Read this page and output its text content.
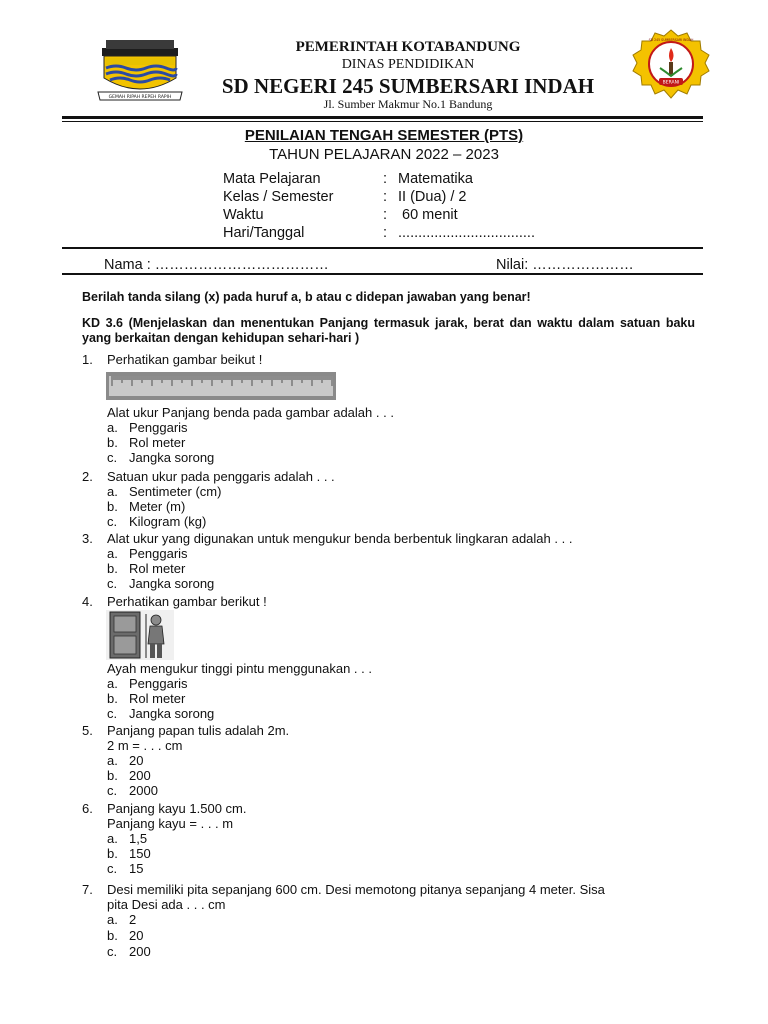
GEMAH RIPAH REPEH RAPIH
BERANI
SD 245 SUMBERSARI INDAH
PEMERINTAH KOTABANDUNG
DINAS PENDIDIKAN
SD NEGERI 245 SUMBERSARI INDAH
Jl. Sumber Makmur No.1 Bandung
PENILAIAN TENGAH SEMESTER (PTS)
TAHUN PELAJARAN 2022 – 2023
Mata Pelajaran	: Matematika
Kelas / Semester	: II (Dua) / 2
Waktu	: 60 menit
Hari/Tanggal	: ..................................
Nama : ………………………………	Nilai: …………………
Berilah tanda silang (x) pada huruf a, b atau c didepan jawaban yang benar!
KD 3.6 (Menjelaskan dan menentukan Panjang termasuk jarak, berat dan waktu dalam satuan baku yang berkaitan dengan kehidupan sehari-hari )
1.	Perhatikan gambar beikut !
Alat ukur Panjang benda pada gambar adalah . . .
a. Penggaris
b. Rol meter
c. Jangka sorong
2.	Satuan ukur pada penggaris adalah . . .
a. Sentimeter (cm)
b. Meter (m)
c. Kilogram (kg)
3.	Alat ukur yang digunakan untuk mengukur benda berbentuk lingkaran adalah . . .
a. Penggaris
b. Rol meter
c. Jangka sorong
4.	Perhatikan gambar berikut !
Ayah mengukur tinggi pintu menggunakan . . .
a. Penggaris
b. Rol meter
c. Jangka sorong
5.	Panjang papan tulis adalah 2m.
2 m = . . . cm
a. 20
b. 200
c. 2000
6.	Panjang kayu 1.500 cm.
Panjang kayu = . . . m
a. 1,5
b. 150
c. 15
7.	Desi memiliki pita sepanjang 600 cm. Desi memotong pitanya sepanjang 4 meter. Sisa
pita Desi ada . . . cm
a. 2
b. 20
c. 200
